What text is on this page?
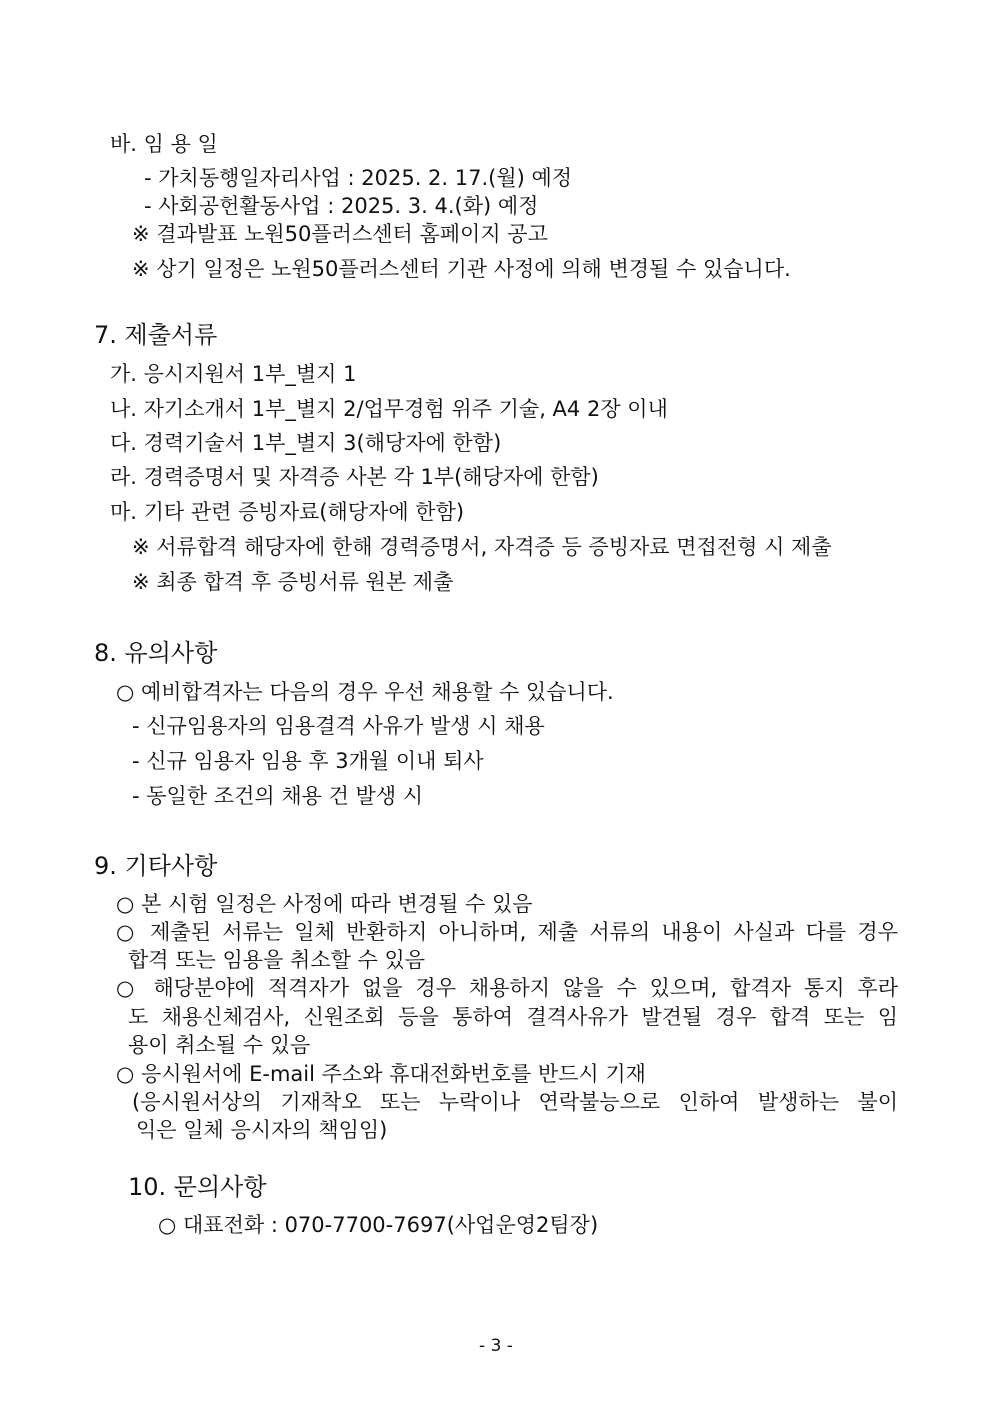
바. 임 용 일
- 가치동행일자리사업 : 2025. 2. 17.(월) 예정
- 사회공헌활동사업 : 2025. 3. 4.(화) 예정
※ 결과발표 노원50플러스센터 홈페이지 공고
※ 상기 일정은 노원50플러스센터 기관 사정에 의해 변경될 수 있습니다.
7. 제출서류
가. 응시지원서 1부_별지 1
나. 자기소개서 1부_별지 2/업무경험 위주 기술, A4 2장 이내
다. 경력기술서 1부_별지 3(해당자에 한함)
라. 경력증명서 및 자격증 사본 각 1부(해당자에 한함)
마. 기타 관련 증빙자료(해당자에 한함)
※ 서류합격 해당자에 한해 경력증명서, 자격증 등 증빙자료 면접전형 시 제출
※ 최종 합격 후 증빙서류 원본 제출
8. 유의사항
○ 예비합격자는 다음의 경우 우선 채용할 수 있습니다.
- 신규임용자의 임용결격 사유가 발생 시 채용
- 신규 임용자 임용 후 3개월 이내 퇴사
- 동일한 조건의 채용 건 발생 시
9. 기타사항
○ 본 시험 일정은 사정에 따라 변경될 수 있음
○ 제출된 서류는 일체 반환하지 아니하며, 제출 서류의 내용이 사실과 다를 경우
합격 또는 임용을 취소할 수 있음
○ 해당분야에 적격자가 없을 경우 채용하지 않을 수 있으며, 합격자 통지 후라
도 채용신체검사, 신원조회 등을 통하여 결격사유가 발견될 경우 합격 또는 임
용이 취소될 수 있음
○ 응시원서에 E-mail 주소와 휴대전화번호를 반드시 기재
(응시원서상의 기재착오 또는 누락이나 연락불능으로 인하여 발생하는 불이
익은 일체 응시자의 책임임)
10. 문의사항
○ 대표전화 : 070-7700-7697(사업운영2팀장)
- 3 -
